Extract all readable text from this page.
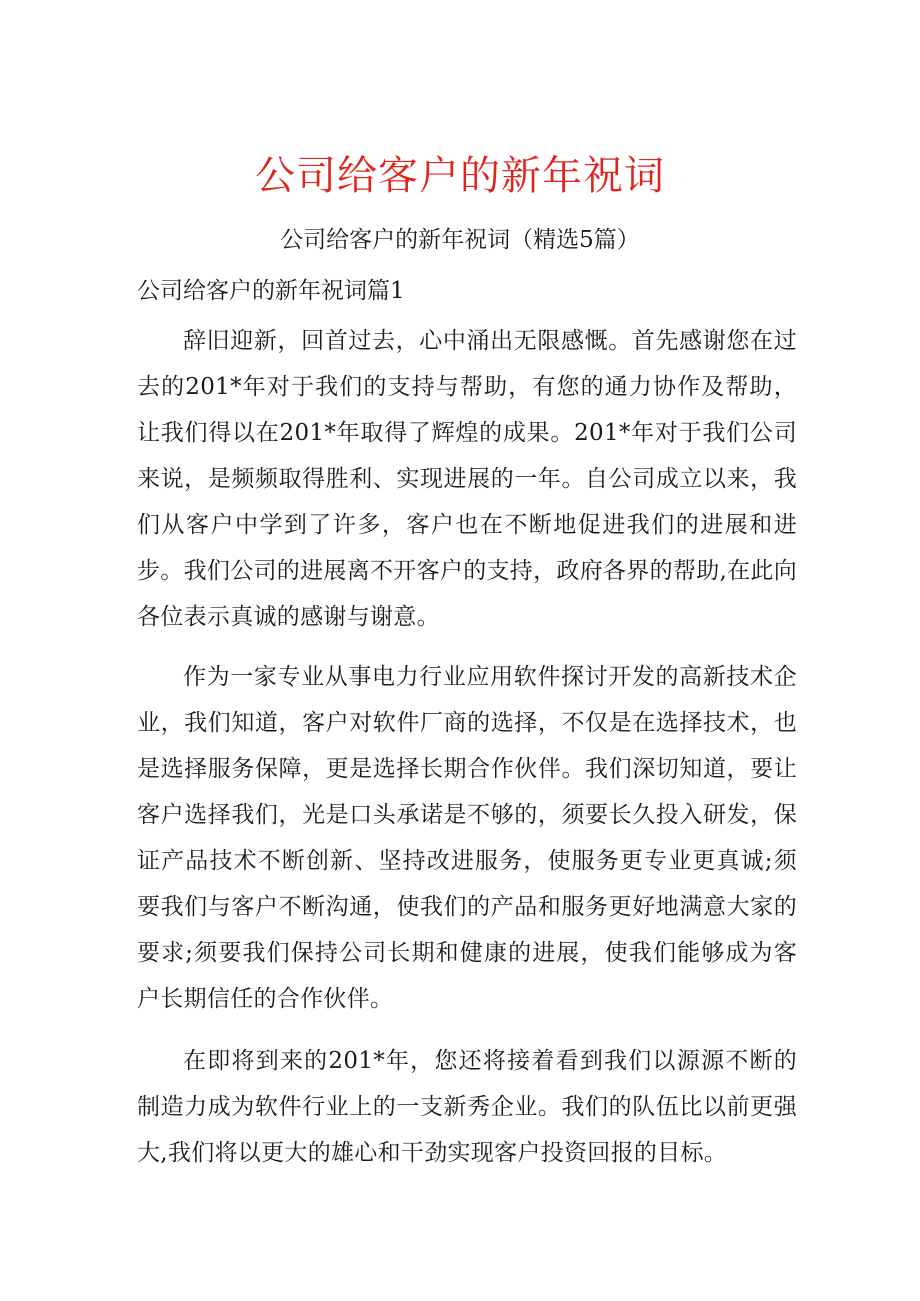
公司给客户的新年祝词
公司给客户的新年祝词（精选5篇）
公司给客户的新年祝词篇1

辞旧迎新，回首过去，心中涌出无限感慨。首先感谢您在过去的201*年对于我们的支持与帮助，有您的通力协作及帮助，让我们得以在201*年取得了辉煌的成果。201*年对于我们公司来说，是频频取得胜利、实现进展的一年。自公司成立以来，我们从客户中学到了许多，客户也在不断地促进我们的进展和进步。我们公司的进展离不开客户的支持，政府各界的帮助,在此向各位表示真诚的感谢与谢意。

作为一家专业从事电力行业应用软件探讨开发的高新技术企业，我们知道，客户对软件厂商的选择，不仅是在选择技术，也是选择服务保障，更是选择长期合作伙伴。我们深切知道，要让客户选择我们，光是口头承诺是不够的，须要长久投入研发，保证产品技术不断创新、坚持改进服务，使服务更专业更真诚;须要我们与客户不断沟通，使我们的产品和服务更好地满意大家的要求;须要我们保持公司长期和健康的进展，使我们能够成为客户长期信任的合作伙伴。

在即将到来的201*年，您还将接着看到我们以源源不断的制造力成为软件行业上的一支新秀企业。我们的队伍比以前更强大,我们将以更大的雄心和干劲实现客户投资回报的目标。
